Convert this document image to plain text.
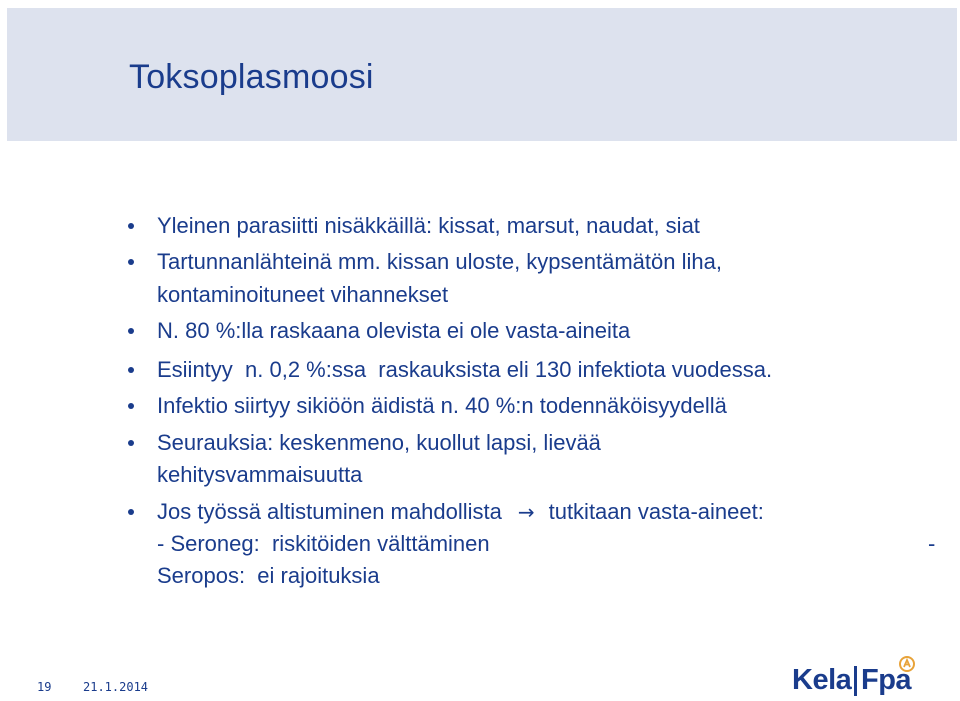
Toksoplasmoosi
Yleinen parasiitti nisäkkäillä: kissat, marsut, naudat, siat
Tartunnanlähteinä mm. kissan uloste, kypsentämätön liha,
kontaminoituneet vihannekset
N. 80 %:lla raskaana olevista ei ole vasta-aineita
Esiintyy  n. 0,2 %:ssa  raskauksista eli 130 infektiota vuodessa.
Infektio siirtyy sikiöön äidistä n. 40 %:n todennäköisyydellä
Seurauksia: keskenmeno, kuollut lapsi, lievää
kehitysvammaisuutta
Jos työssä altistuminen mahdollista → tutkitaan vasta-aineet:
- Seroneg:  riskitöiden välttäminen	-
Seropos:  ei rajoituksia
19	21.1.2014	Kela Fpa
